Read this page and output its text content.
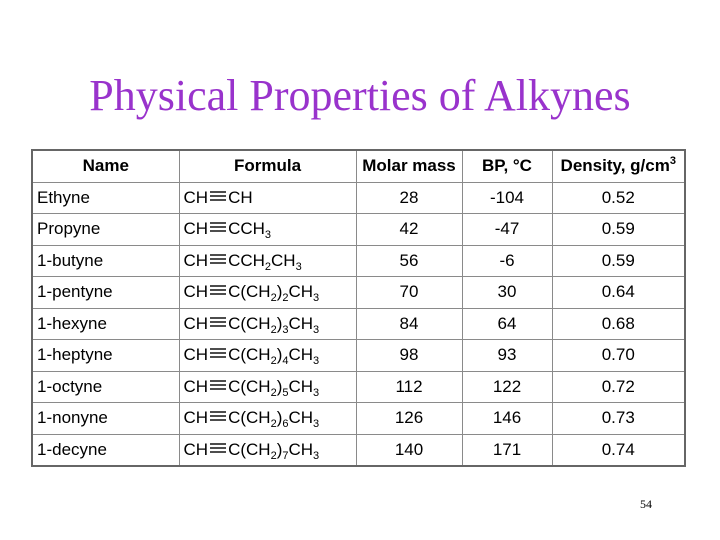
Physical Properties of Alkynes
Name	Formula	Molar mass	BP, °C	Density, $g/cm^3$
Ethyne	CH CH	28	-104	0.52
Propyne	CH $CCH_3$	42	-47	0.59
1-butyne	CH $CCH_2CH_3$	56	-6	0.59
1-pentyne	CH $C(CH_2)_2CH_3$	70	30	0.64
1-hexyne	CH $C(CH_2)_3CH_3$	84	64	0.68
1-heptyne	CH $C(CH_2)_4CH_3$	98	93	0.70
1-octyne	CH $C(CH_2)_5CH_3$	112	122	0.72
1-nonyne	CH $C(CH_2)_6CH_3$	126	146	0.73
1-decyne	CH $C(CH_2)_7CH_3$	140	171	0.74
54
